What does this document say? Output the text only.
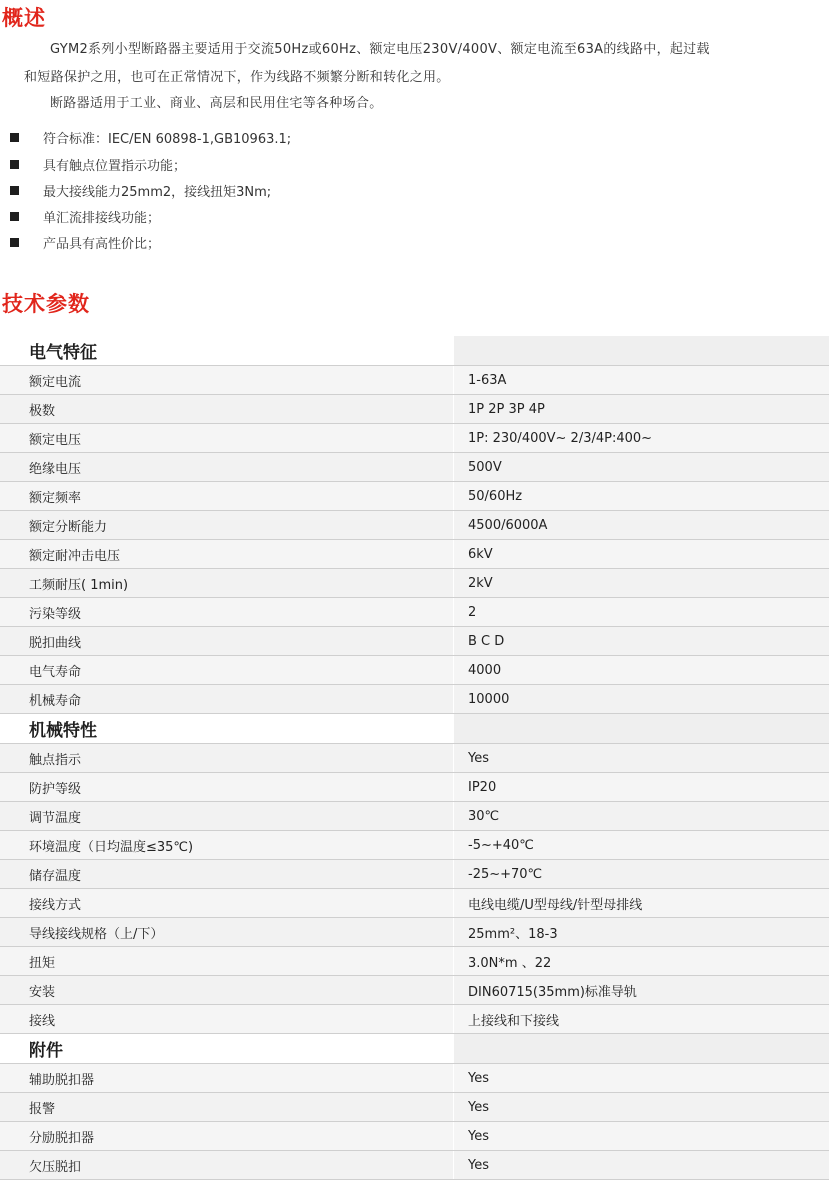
概述

GYM2系列小型断路器主要适用于交流50Hz或60Hz、额定电压230V/400V、额定电流至63A的线路中，起过载

和短路保护之用，也可在正常情况下，作为线路不频繁分断和转化之用。

断路器适用于工业、商业、高层和民用住宅等各种场合。

符合标准：IEC/EN 60898-1,GB10963.1;
具有触点位置指示功能；
最大接线能力25mm2，接线扭矩3Nm;
单汇流排接线功能；
产品具有高性价比；
技术参数
电气特征
额定电流	1-63A
极数	1P 2P 3P 4P
额定电压	1P: 230/400V~ 2/3/4P:400~
绝缘电压	500V
额定频率	50/60Hz
额定分断能力	4500/6000A
额定耐冲击电压	6kV
工频耐压( 1min)	2kV
污染等级	2
脱扣曲线	B C D
电气寿命	4000
机械寿命	10000
机械特性
触点指示	Yes
防护等级	IP20
调节温度	30℃
环境温度（日均温度≤35℃)	-5~+40℃
储存温度	-25~+70℃
接线方式	电线电缆/U型母线/针型母排线
导线接线规格（上/下）	25mm²、18-3
扭矩	3.0N*m 、22
安装	DIN60715(35mm)标准导轨
接线	上接线和下接线
附件
辅助脱扣器	Yes
报警	Yes
分励脱扣器	Yes
欠压脱扣	Yes
